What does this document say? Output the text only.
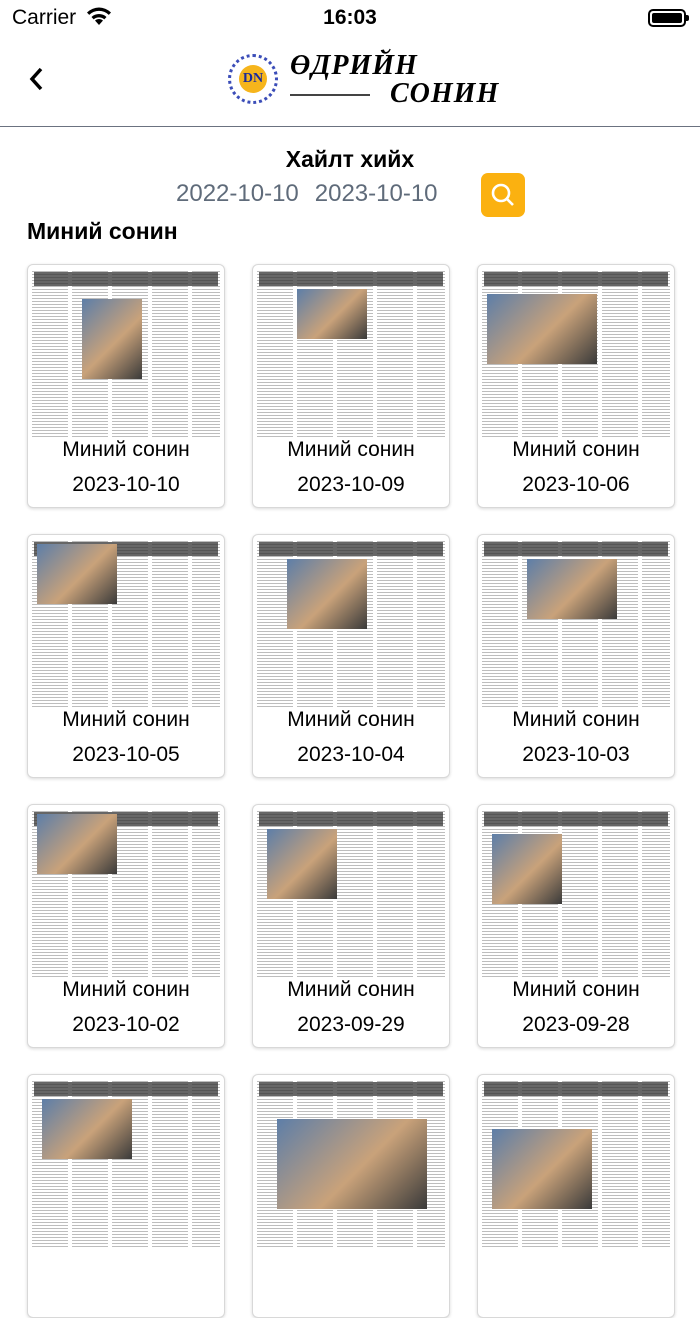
Carrier	16:03
DN ӨДРИЙН
СОНИН
Хайлт хийх
2022-10-10 2023-10-10
Миний сонин
Миний сонин
2023-10-10
Миний сонин
2023-10-09
Миний сонин
2023-10-06
Миний сонин
2023-10-05
Миний сонин
2023-10-04
Миний сонин
2023-10-03
Миний сонин
2023-10-02
Миний сонин
2023-09-29
Миний сонин
2023-09-28
